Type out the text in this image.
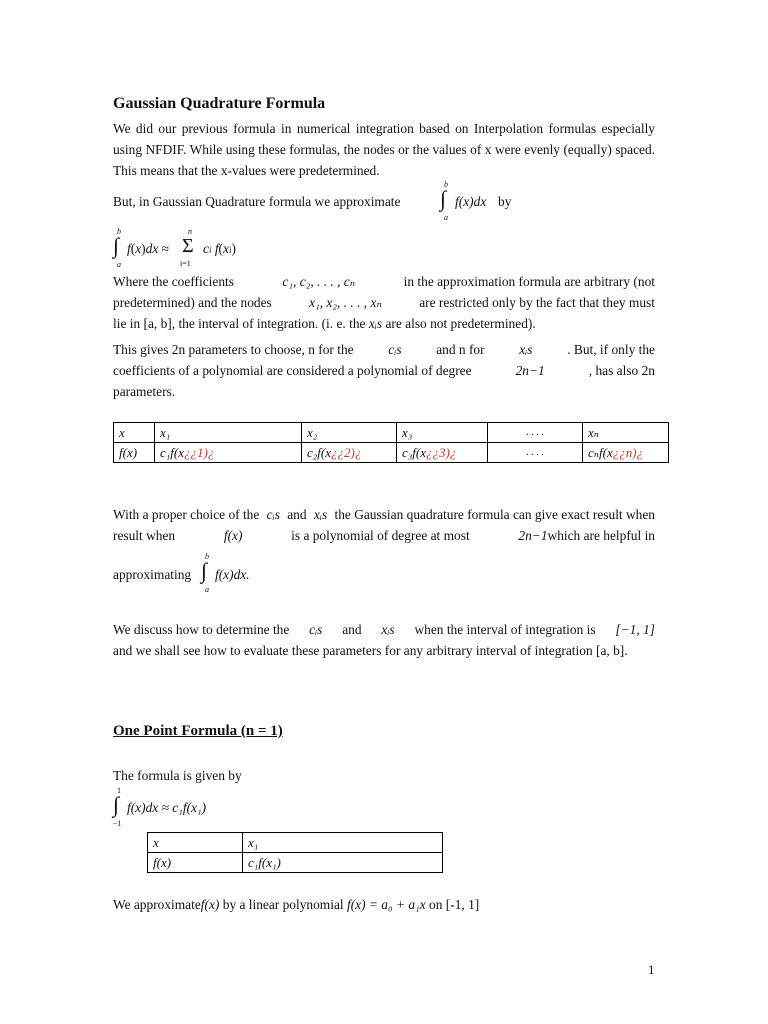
Gaussian Quadrature Formula
We did our previous formula in numerical integration based on Interpolation formulas especially using NFDIF. While using these formulas, the nodes or the values of x were evenly (equally) spaced. This means that the x-values were predetermined.
But, in Gaussian Quadrature formula we approximate
b
∫
a
f(x)dx by
b
∫
a
f(x)dx ≈
n
Σ
i=1
ci f(xi)
Where the coefficients	c₁, c₂, . . . , cₙ	in the approximation formula are arbitrary (not
predetermined) and the nodes	x₁, x₂, . . . , xₙ	are restricted only by the fact that they must
lie in [a, b], the interval of integration. (i. e. the xᵢs are also not predetermined).
This gives 2n parameters to choose, n for the	cᵢs	and n for	xᵢs	. But, if only the
coefficients of a polynomial are considered a polynomial of degree	2n−1	, has also 2n
parameters.
x	x₁	x₂	x₃	. . . .	xₙ
f(x)	c₁f(x¿¿1)¿	c₂f(x¿¿2)¿	c₃f(x¿¿3)¿	. . . .	cₙf(x¿¿n)¿
With a proper choice of the cᵢs and xᵢs the Gaussian quadrature formula can give exact result when
result when	f(x)	is a polynomial of degree at most	2n−1which are helpful in
approximating
b
∫
a
f(x)dx.
We discuss how to determine the cᵢs and xᵢs when the interval of integration is [−1, 1]
and we shall see how to evaluate these parameters for any arbitrary interval of integration [a, b].
One Point Formula (n = 1)
The formula is given by
1
∫
−1
f(x)dx ≈ c₁f(x₁)
x	x₁
f(x)	c₁f(x₁)
We approximatef(x) by a linear polynomial f(x) = a₀ + a₁x on [-1, 1]
1
